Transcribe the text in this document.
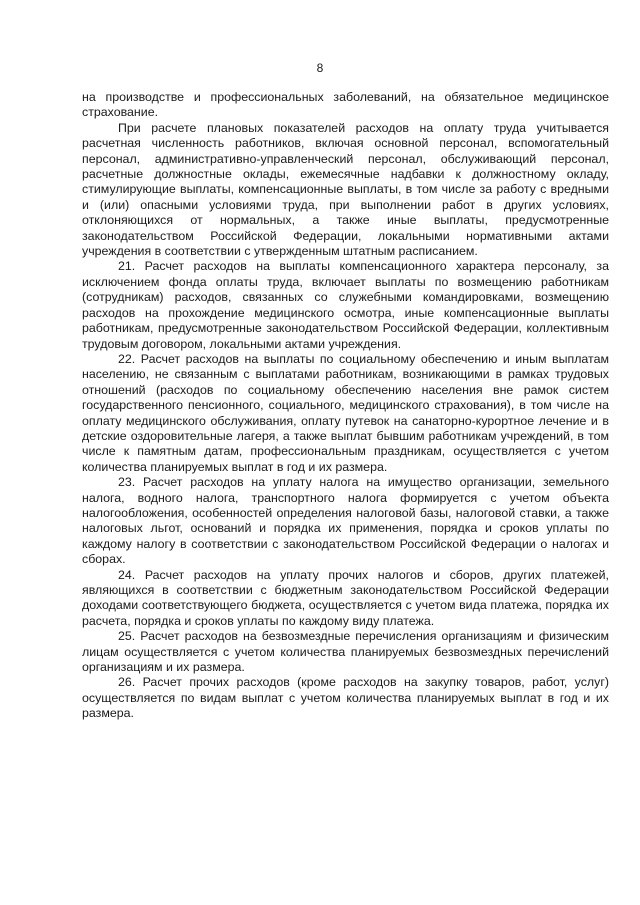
8

на производстве и профессиональных заболеваний, на обязательное медицинское страхование.

При расчете плановых показателей расходов на оплату труда учитывается расчетная численность работников, включая основной персонал, вспомогательный персонал, административно-управленческий персонал, обслуживающий персонал, расчетные должностные оклады, ежемесячные надбавки к должностному окладу, стимулирующие выплаты, компенсационные выплаты, в том числе за работу с вредными и (или) опасными условиями труда, при выполнении работ в других условиях, отклоняющихся от нормальных, а также иные выплаты, предусмотренные законодательством Российской Федерации, локальными нормативными актами учреждения в соответствии с утвержденным штатным расписанием.

21. Расчет расходов на выплаты компенсационного характера персоналу, за исключением фонда оплаты труда, включает выплаты по возмещению работникам (сотрудникам) расходов, связанных со служебными командировками, возмещению расходов на прохождение медицинского осмотра, иные компенсационные выплаты работникам, предусмотренные законодательством Российской Федерации, коллективным трудовым договором, локальными актами учреждения.

22. Расчет расходов на выплаты по социальному обеспечению и иным выплатам населению, не связанным с выплатами работникам, возникающими в рамках трудовых отношений (расходов по социальному обеспечению населения вне рамок систем государственного пенсионного, социального, медицинского страхования), в том числе на оплату медицинского обслуживания, оплату путевок на санаторно-курортное лечение и в детские оздоровительные лагеря, а также выплат бывшим работникам учреждений, в том числе к памятным датам, профессиональным праздникам, осуществляется с учетом количества планируемых выплат в год и их размера.

23. Расчет расходов на уплату налога на имущество организации, земельного налога, водного налога, транспортного налога формируется с учетом объекта налогообложения, особенностей определения налоговой базы, налоговой ставки, а также налоговых льгот, оснований и порядка их применения, порядка и сроков уплаты по каждому налогу в соответствии с законодательством Российской Федерации о налогах и сборах.

24. Расчет расходов на уплату прочих налогов и сборов, других платежей, являющихся в соответствии с бюджетным законодательством Российской Федерации доходами соответствующего бюджета, осуществляется с учетом вида платежа, порядка их расчета, порядка и сроков уплаты по каждому виду платежа.

25. Расчет расходов на безвозмездные перечисления организациям и физическим лицам осуществляется с учетом количества планируемых безвозмездных перечислений организациям и их размера.

26. Расчет прочих расходов (кроме расходов на закупку товаров, работ, услуг) осуществляется по видам выплат с учетом количества планируемых выплат в год и их размера.
